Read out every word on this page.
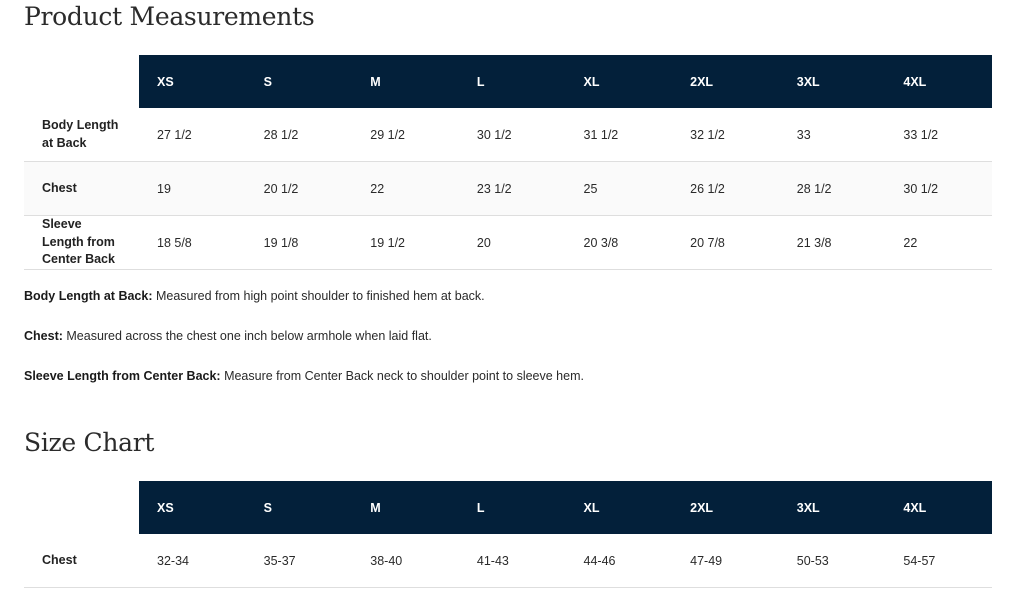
Product Measurements
	XS	S	M	L	XL	2XL	3XL	4XL
Body Length at Back	27 1/2	28 1/2	29 1/2	30 1/2	31 1/2	32 1/2	33	33 1/2
Chest	19	20 1/2	22	23 1/2	25	26 1/2	28 1/2	30 1/2
Sleeve Length from Center Back	18 5/8	19 1/8	19 1/2	20	20 3/8	20 7/8	21 3/8	22

Body Length at Back: Measured from high point shoulder to finished hem at back.

Chest: Measured across the chest one inch below armhole when laid flat.

Sleeve Length from Center Back: Measure from Center Back neck to shoulder point to sleeve hem.

Size Chart
	XS	S	M	L	XL	2XL	3XL	4XL
Chest	32-34	35-37	38-40	41-43	44-46	47-49	50-53	54-57
